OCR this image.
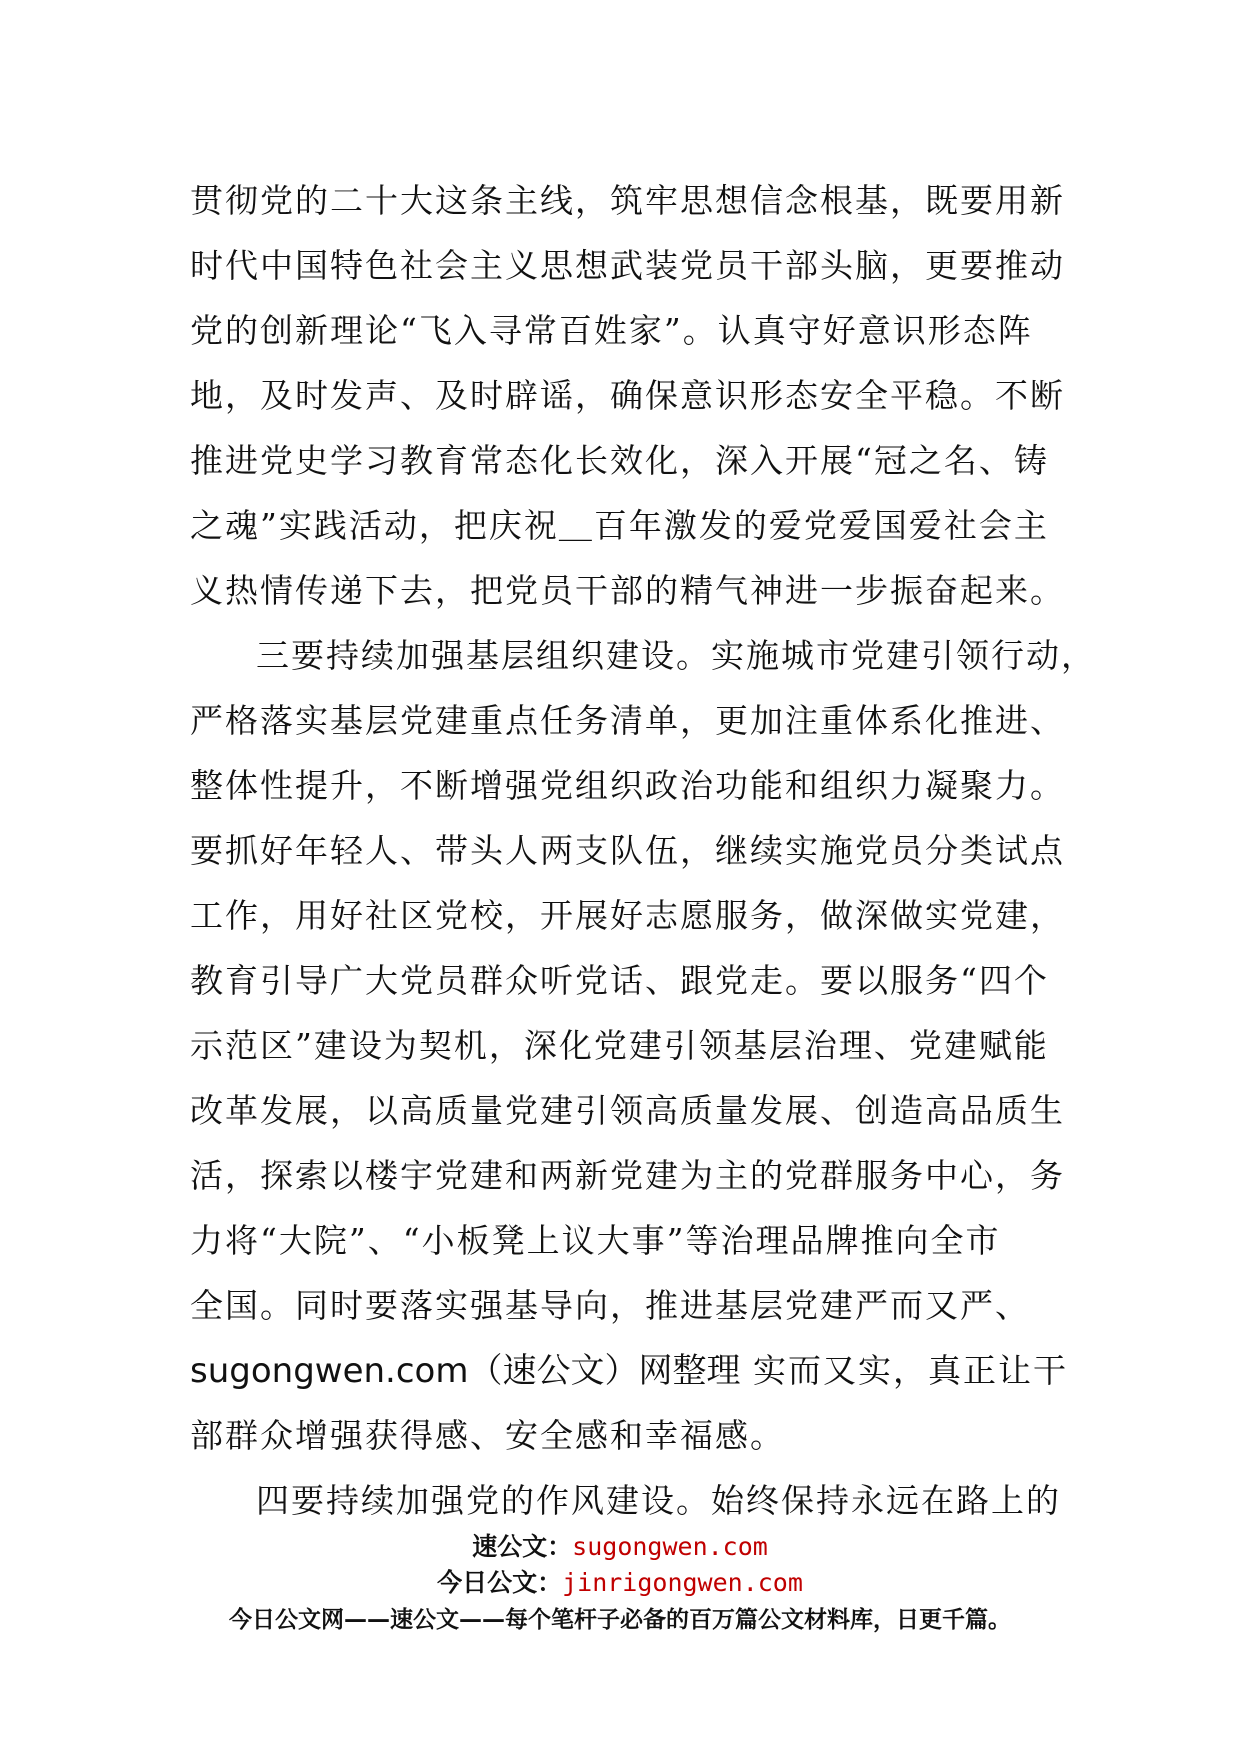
贯彻党的二十大这条主线，筑牢思想信念根基，既要用新
时代中国特色社会主义思想武装党员干部头脑，更要推动
党的创新理论“飞入寻常百姓家”。认真守好意识形态阵
地，及时发声、及时辟谣，确保意识形态安全平稳。不断
推进党史学习教育常态化长效化，深入开展“冠之名、铸
之魂”实践活动，把庆祝＿百年激发的爱党爱国爱社会主
义热情传递下去，把党员干部的精气神进一步振奋起来。
三要持续加强基层组织建设。实施城市党建引领行动，
严格落实基层党建重点任务清单，更加注重体系化推进、
整体性提升，不断增强党组织政治功能和组织力凝聚力。
要抓好年轻人、带头人两支队伍，继续实施党员分类试点
工作，用好社区党校，开展好志愿服务，做深做实党建，
教育引导广大党员群众听党话、跟党走。要以服务“四个
示范区”建设为契机，深化党建引领基层治理、党建赋能
改革发展，以高质量党建引领高质量发展、创造高品质生
活，探索以楼宇党建和两新党建为主的党群服务中心，务
力将“大院”、“小板凳上议大事”等治理品牌推向全市
全国。同时要落实强基导向，推进基层党建严而又严、
sugongwen.com（速公文）网整理 实而又实，真正让干
部群众增强获得感、安全感和幸福感。
四要持续加强党的作风建设。始终保持永远在路上的
速公文：sugongwen.com
今日公文：jinrigongwen.com
今日公文网——速公文——每个笔杆子必备的百万篇公文材料库，日更千篇。
